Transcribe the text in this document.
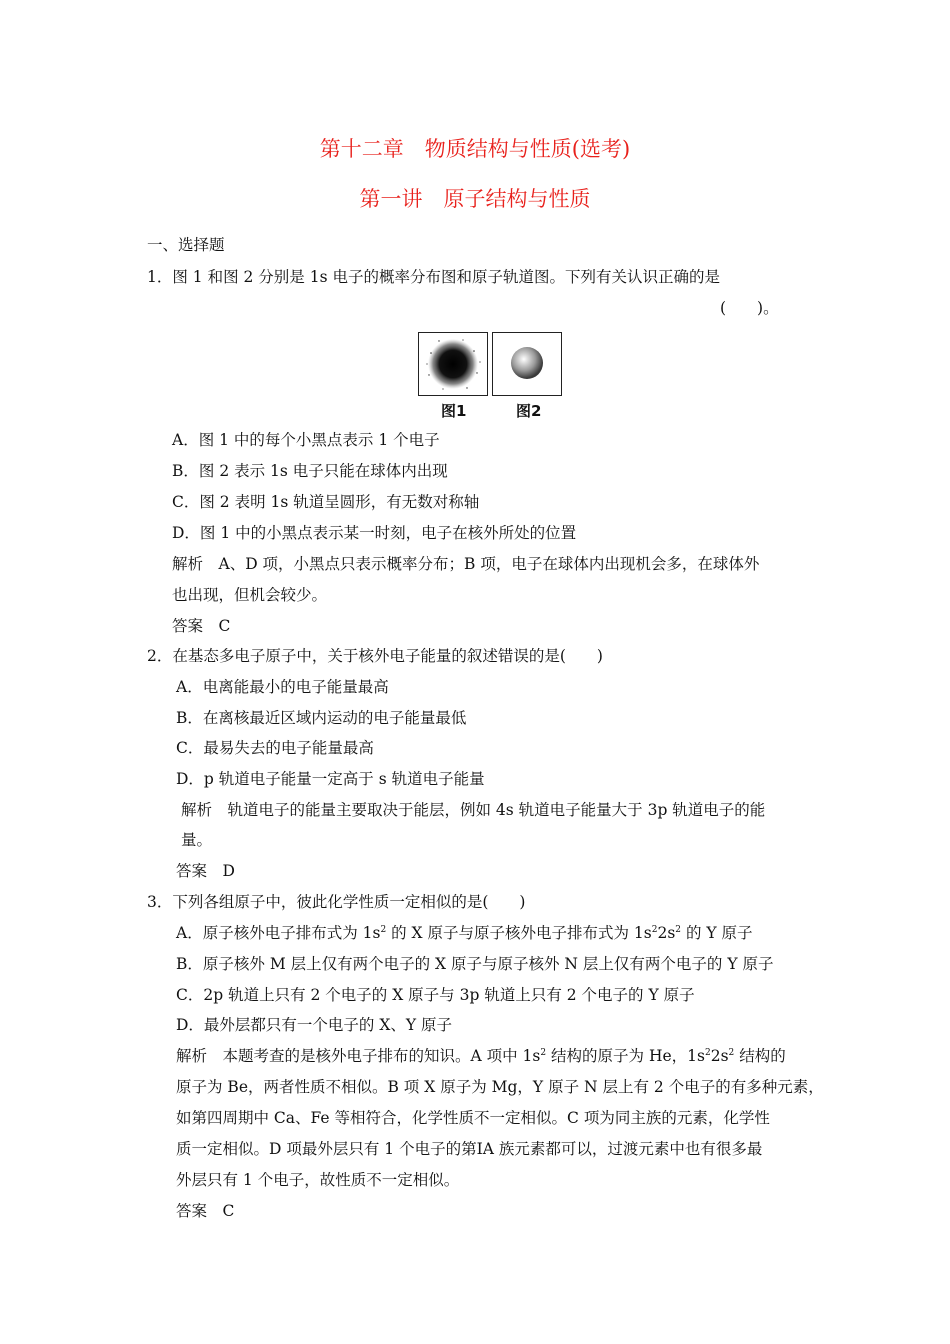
第十二章　物质结构与性质(选考)
第一讲　原子结构与性质
一、选择题
1．图 1 和图 2 分别是 1s 电子的概率分布图和原子轨道图。下列有关认识正确的是
(　　)。
图1	图2
A．图 1 中的每个小黑点表示 1 个电子
B．图 2 表示 1s 电子只能在球体内出现
C．图 2 表明 1s 轨道呈圆形，有无数对称轴
D．图 1 中的小黑点表示某一时刻，电子在核外所处的位置
解析　A、D 项，小黑点只表示概率分布；B 项，电子在球体内出现机会多，在球体外
也出现，但机会较少。
答案　C
2．在基态多电子原子中，关于核外电子能量的叙述错误的是(　　)
A．电离能最小的电子能量最高
B．在离核最近区域内运动的电子能量最低
C．最易失去的电子能量最高
D．p 轨道电子能量一定高于 s 轨道电子能量
解析　轨道电子的能量主要取决于能层，例如 4s 轨道电子能量大于 3p 轨道电子的能
量。
答案　D
3．下列各组原子中，彼此化学性质一定相似的是(　　)
A．原子核外电子排布式为 $1s^2$ 的 X 原子与原子核外电子排布式为 $1s^22s^2$ 的 Y 原子
B．原子核外 M 层上仅有两个电子的 X 原子与原子核外 N 层上仅有两个电子的 Y 原子
C．2p 轨道上只有 2 个电子的 X 原子与 3p 轨道上只有 2 个电子的 Y 原子
D．最外层都只有一个电子的 X、Y 原子
解析　本题考查的是核外电子排布的知识。A 项中 $1s^2$ 结构的原子为 He，$1s^22s^2$ 结构的
原子为 Be，两者性质不相似。B 项 X 原子为 Mg，Y 原子 N 层上有 2 个电子的有多种元素，
如第四周期中 Ca、Fe 等相符合，化学性质不一定相似。C 项为同主族的元素，化学性
质一定相似。D 项最外层只有 1 个电子的第ⅠA 族元素都可以，过渡元素中也有很多最
外层只有 1 个电子，故性质不一定相似。
答案　C
